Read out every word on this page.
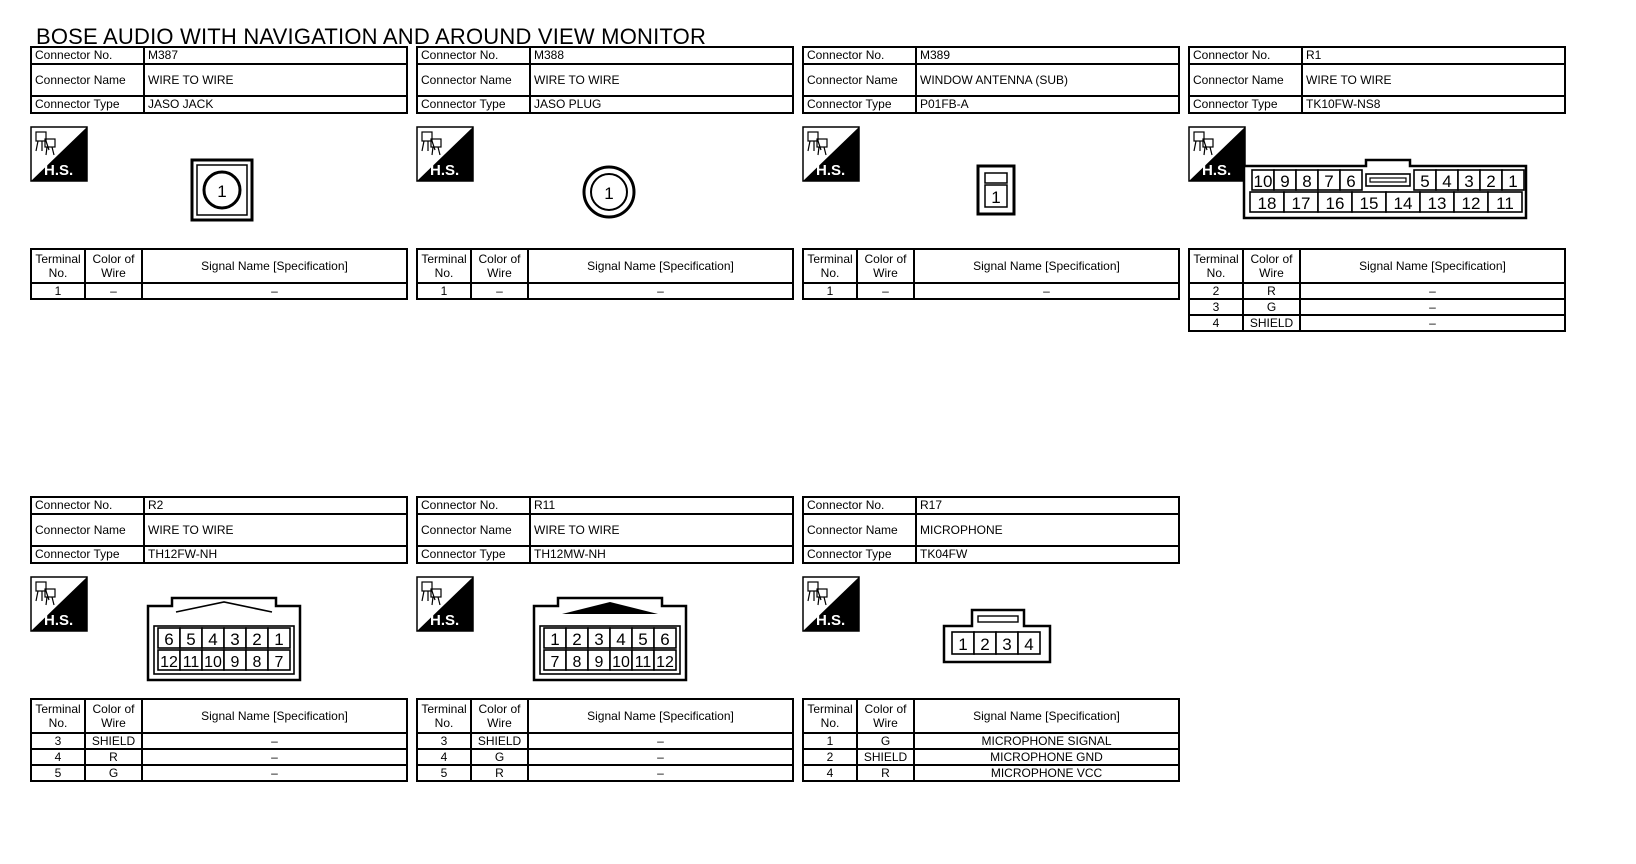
BOSE AUDIO WITH NAVIGATION AND AROUND VIEW MONITOR
Connector No.	M387
Connector Name	WIRE TO WIRE
Connector Type	JASO JACK
H.S.
1
Terminal No.	Color of Wire	Signal Name [Specification]
1	–	–
Connector No.	M388
Connector Name	WIRE TO WIRE
Connector Type	JASO PLUG
H.S.
1
Terminal No.	Color of Wire	Signal Name [Specification]
1	–	–
Connector No.	M389
Connector Name	WINDOW ANTENNA (SUB)
Connector Type	P01FB-A
H.S.
1
Terminal No.	Color of Wire	Signal Name [Specification]
1	–	–
Connector No.	R1
Connector Name	WIRE TO WIRE
Connector Type	TK10FW-NS8
H.S.
10 9 8 7 6	5 4 3 2 1
18 17 16 15 14 13 12 11
Terminal No.	Color of Wire	Signal Name [Specification]
2	R	–
3	G	–
4	SHIELD	–
Connector No.	R2
Connector Name	WIRE TO WIRE
Connector Type	TH12FW-NH
H.S.
6 5 4 3 2 1
12 11 10 9 8 7
Terminal No.	Color of Wire	Signal Name [Specification]
3	SHIELD	–
4	R	–
5	G	–
Connector No.	R11
Connector Name	WIRE TO WIRE
Connector Type	TH12MW-NH
H.S.
1 2 3 4 5 6
7 8 9 10 11 12
Terminal No.	Color of Wire	Signal Name [Specification]
3	SHIELD	–
4	G	–
5	R	–
Connector No.	R17
Connector Name	MICROPHONE
Connector Type	TK04FW
H.S.
1 2 3 4
Terminal No.	Color of Wire	Signal Name [Specification]
1	G	MICROPHONE SIGNAL
2	SHIELD	MICROPHONE GND
4	R	MICROPHONE VCC
